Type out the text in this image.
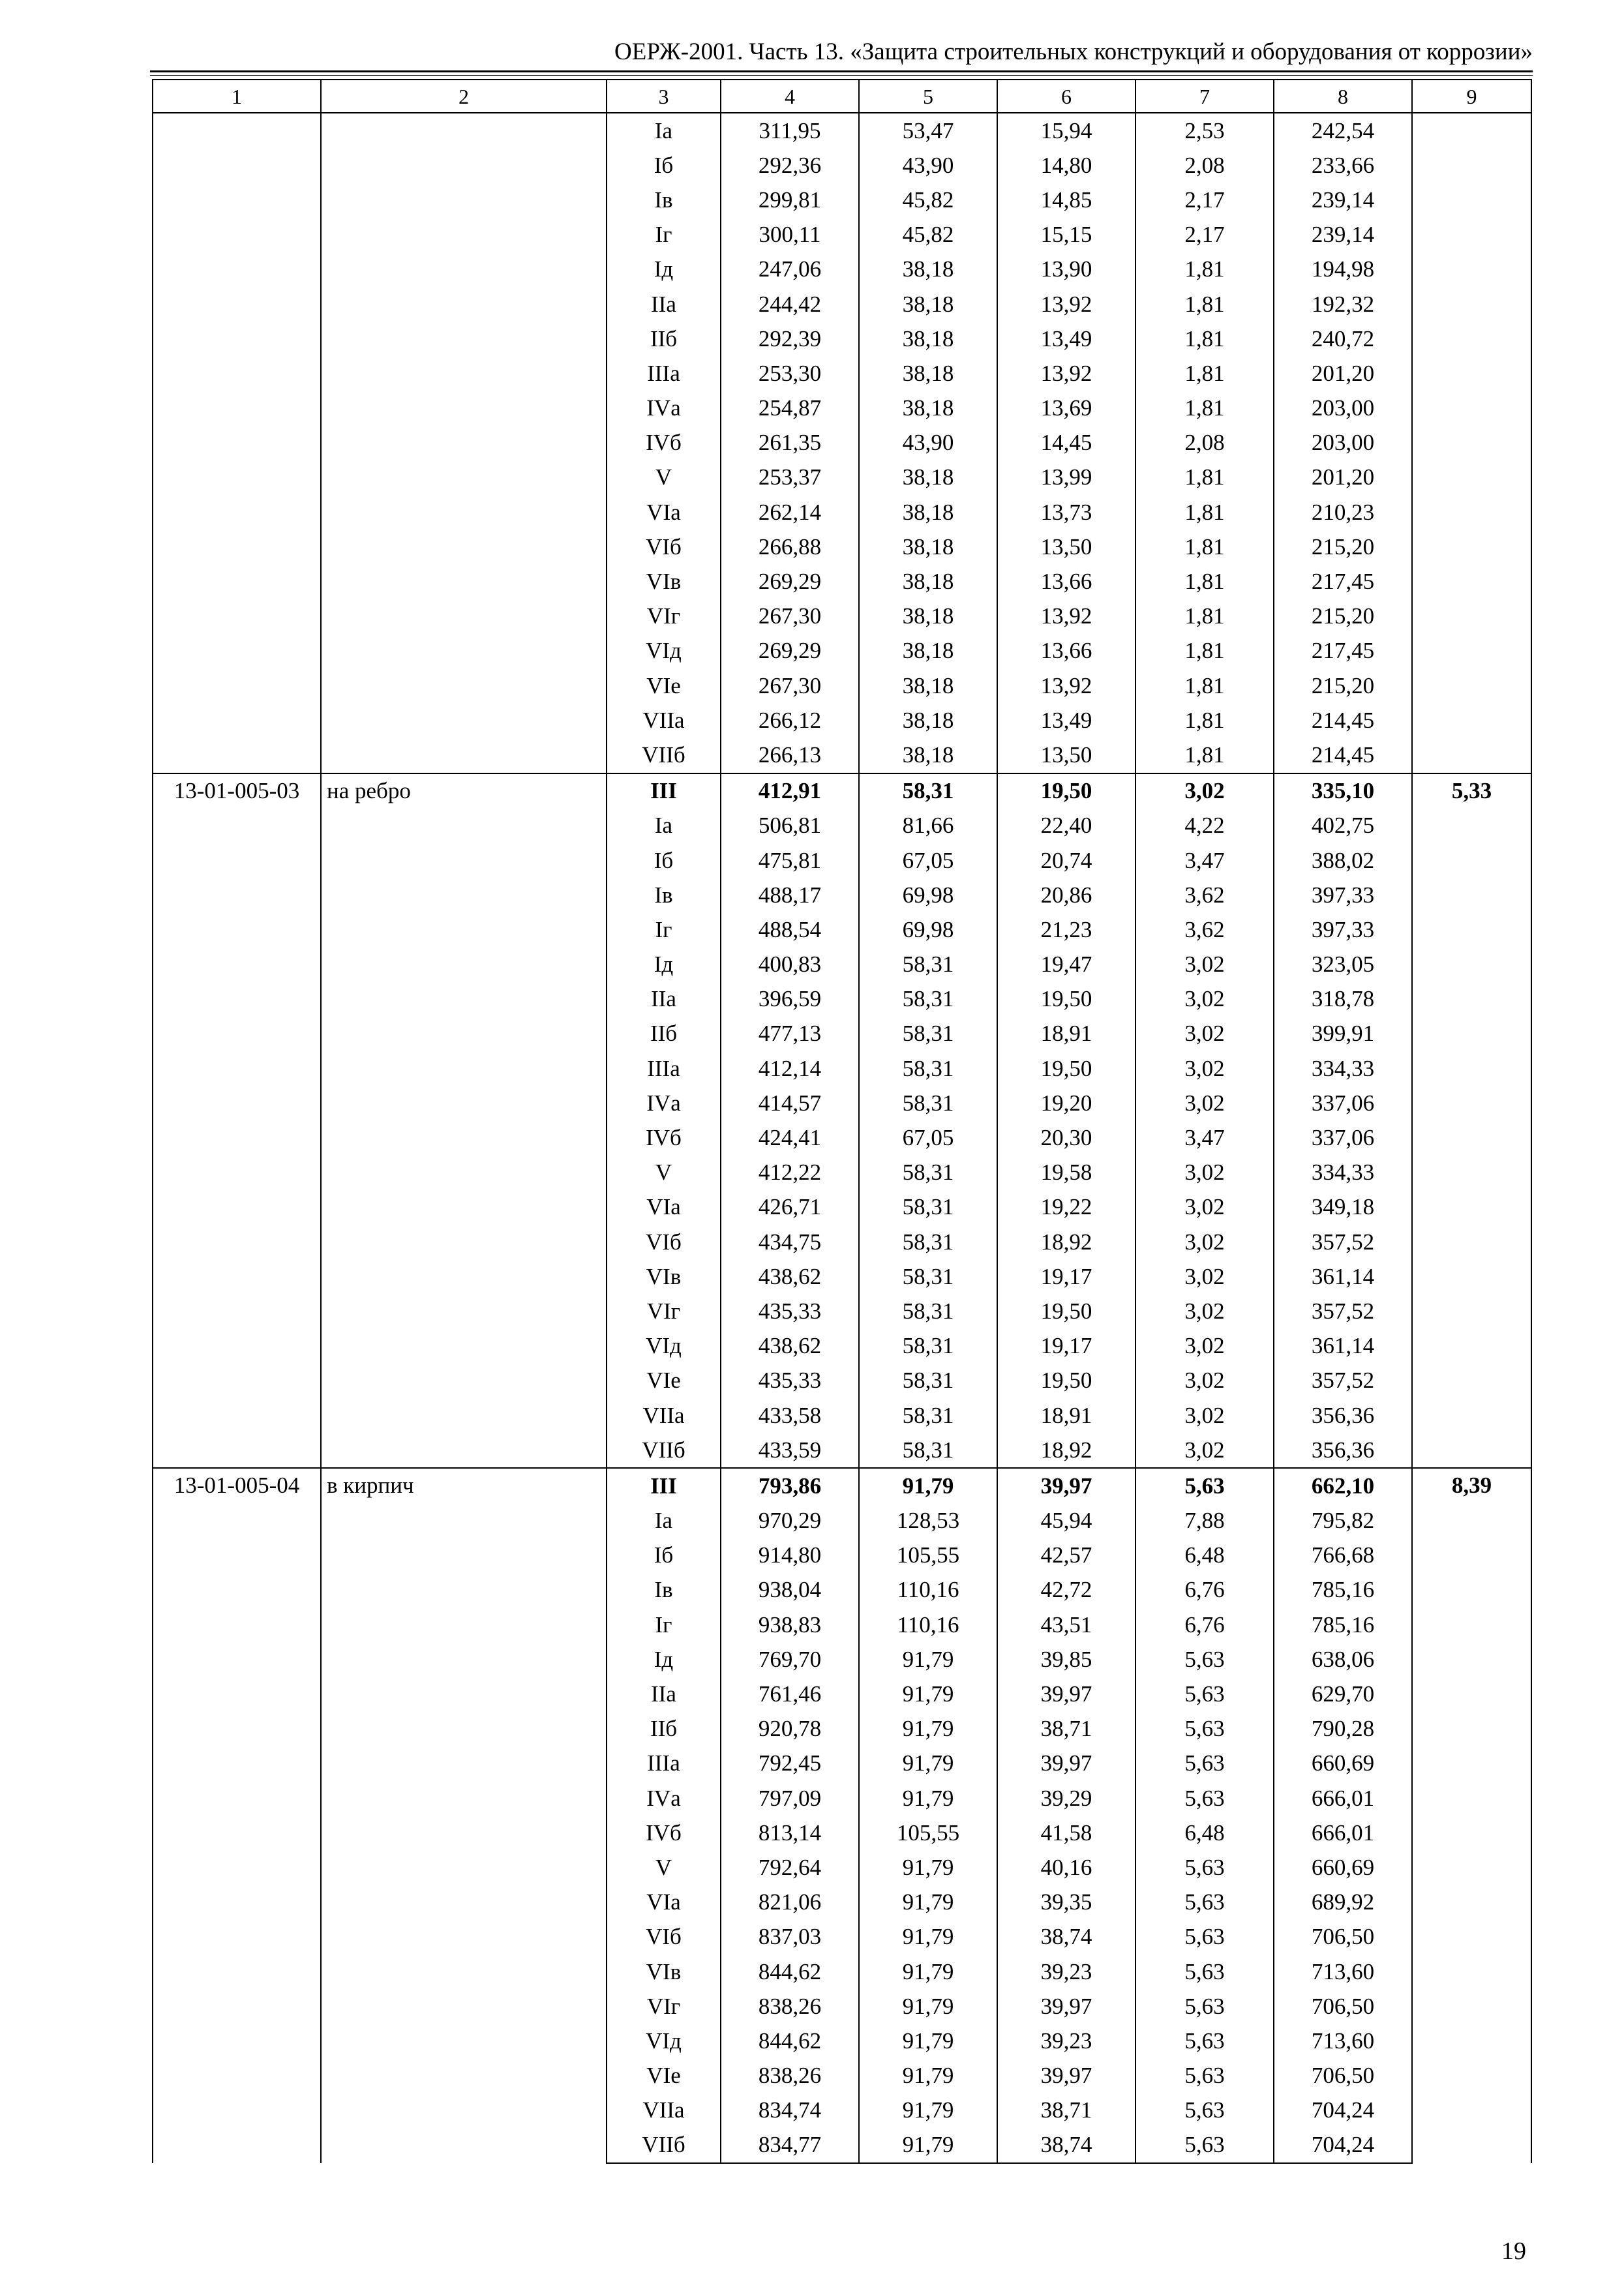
ОЕРЖ-2001. Часть 13. «Защита строительных конструкций и оборудования от коррозии»
1	2	3	4	5	6	7	8	9
		Iа	311,95	53,47	15,94	2,53	242,54	
		Iб	292,36	43,90	14,80	2,08	233,66	
		Iв	299,81	45,82	14,85	2,17	239,14	
		Iг	300,11	45,82	15,15	2,17	239,14	
		Iд	247,06	38,18	13,90	1,81	194,98	
		IIа	244,42	38,18	13,92	1,81	192,32	
		IIб	292,39	38,18	13,49	1,81	240,72	
		IIIа	253,30	38,18	13,92	1,81	201,20	
		IVа	254,87	38,18	13,69	1,81	203,00	
		IVб	261,35	43,90	14,45	2,08	203,00	
		V	253,37	38,18	13,99	1,81	201,20	
		VIа	262,14	38,18	13,73	1,81	210,23	
		VIб	266,88	38,18	13,50	1,81	215,20	
		VIв	269,29	38,18	13,66	1,81	217,45	
		VIг	267,30	38,18	13,92	1,81	215,20	
		VIд	269,29	38,18	13,66	1,81	217,45	
		VIе	267,30	38,18	13,92	1,81	215,20	
		VIIа	266,12	38,18	13,49	1,81	214,45	
		VIIб	266,13	38,18	13,50	1,81	214,45	
13-01-005-03	на ребро	III	412,91	58,31	19,50	3,02	335,10	5,33
		Iа	506,81	81,66	22,40	4,22	402,75	
		Iб	475,81	67,05	20,74	3,47	388,02	
		Iв	488,17	69,98	20,86	3,62	397,33	
		Iг	488,54	69,98	21,23	3,62	397,33	
		Iд	400,83	58,31	19,47	3,02	323,05	
		IIа	396,59	58,31	19,50	3,02	318,78	
		IIб	477,13	58,31	18,91	3,02	399,91	
		IIIа	412,14	58,31	19,50	3,02	334,33	
		IVа	414,57	58,31	19,20	3,02	337,06	
		IVб	424,41	67,05	20,30	3,47	337,06	
		V	412,22	58,31	19,58	3,02	334,33	
		VIа	426,71	58,31	19,22	3,02	349,18	
		VIб	434,75	58,31	18,92	3,02	357,52	
		VIв	438,62	58,31	19,17	3,02	361,14	
		VIг	435,33	58,31	19,50	3,02	357,52	
		VIд	438,62	58,31	19,17	3,02	361,14	
		VIе	435,33	58,31	19,50	3,02	357,52	
		VIIа	433,58	58,31	18,91	3,02	356,36	
		VIIб	433,59	58,31	18,92	3,02	356,36	
13-01-005-04	в кирпич	III	793,86	91,79	39,97	5,63	662,10	8,39
		Iа	970,29	128,53	45,94	7,88	795,82	
		Iб	914,80	105,55	42,57	6,48	766,68	
		Iв	938,04	110,16	42,72	6,76	785,16	
		Iг	938,83	110,16	43,51	6,76	785,16	
		Iд	769,70	91,79	39,85	5,63	638,06	
		IIа	761,46	91,79	39,97	5,63	629,70	
		IIб	920,78	91,79	38,71	5,63	790,28	
		IIIа	792,45	91,79	39,97	5,63	660,69	
		IVа	797,09	91,79	39,29	5,63	666,01	
		IVб	813,14	105,55	41,58	6,48	666,01	
		V	792,64	91,79	40,16	5,63	660,69	
		VIа	821,06	91,79	39,35	5,63	689,92	
		VIб	837,03	91,79	38,74	5,63	706,50	
		VIв	844,62	91,79	39,23	5,63	713,60	
		VIг	838,26	91,79	39,97	5,63	706,50	
		VIд	844,62	91,79	39,23	5,63	713,60	
		VIе	838,26	91,79	39,97	5,63	706,50	
		VIIа	834,74	91,79	38,71	5,63	704,24	
		VIIб	834,77	91,79	38,74	5,63	704,24	
19
